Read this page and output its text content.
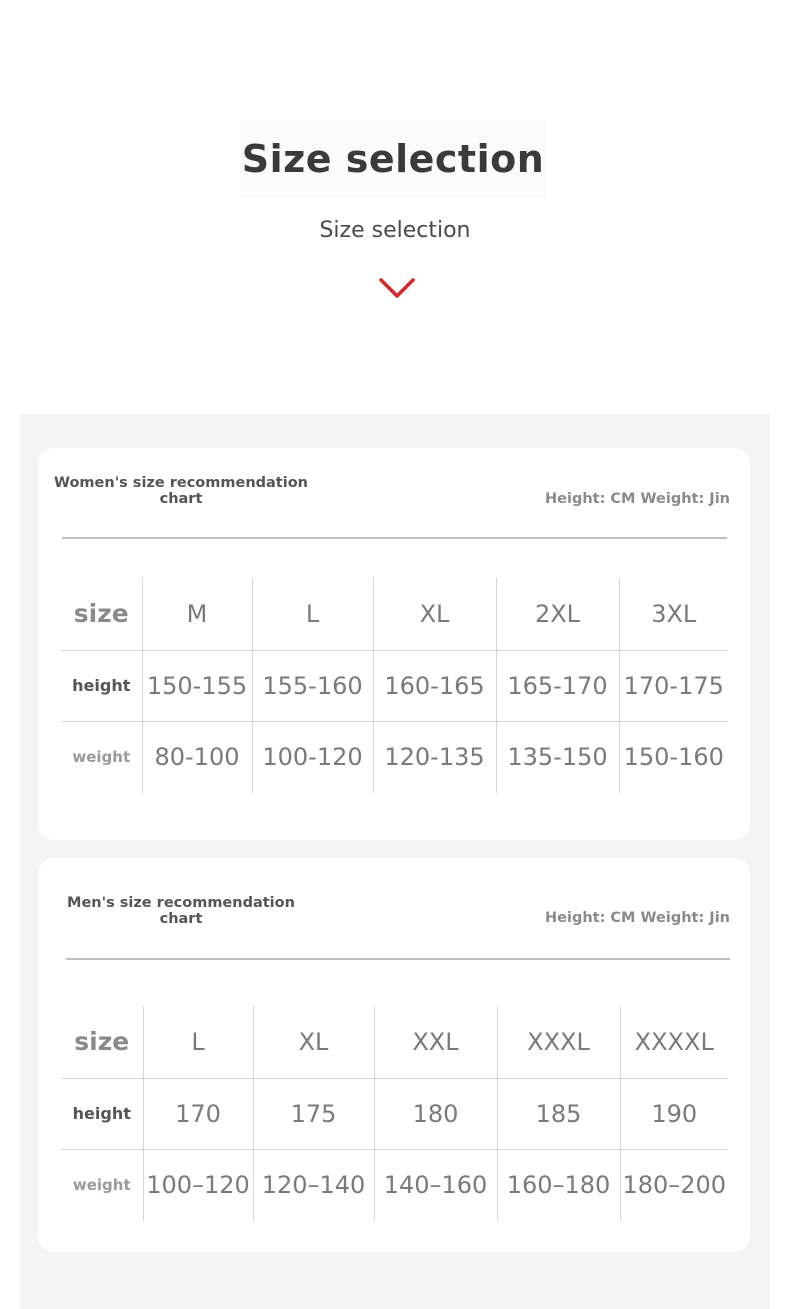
Size selection
Size selection
Women's size recommendation
chart	Height: CM Weight: Jin
size	M	L	XL	2XL	3XL
height	150-155	155-160	160-165	165-170	170-175
weight	80-100	100-120	120-135	135-150	150-160
Men's size recommendation
chart	Height: CM Weight: Jin
size	L	XL	XXL	XXXL	XXXXL
height	170	175	180	185	190
weight	100–120	120–140	140–160	160–180	180–200
